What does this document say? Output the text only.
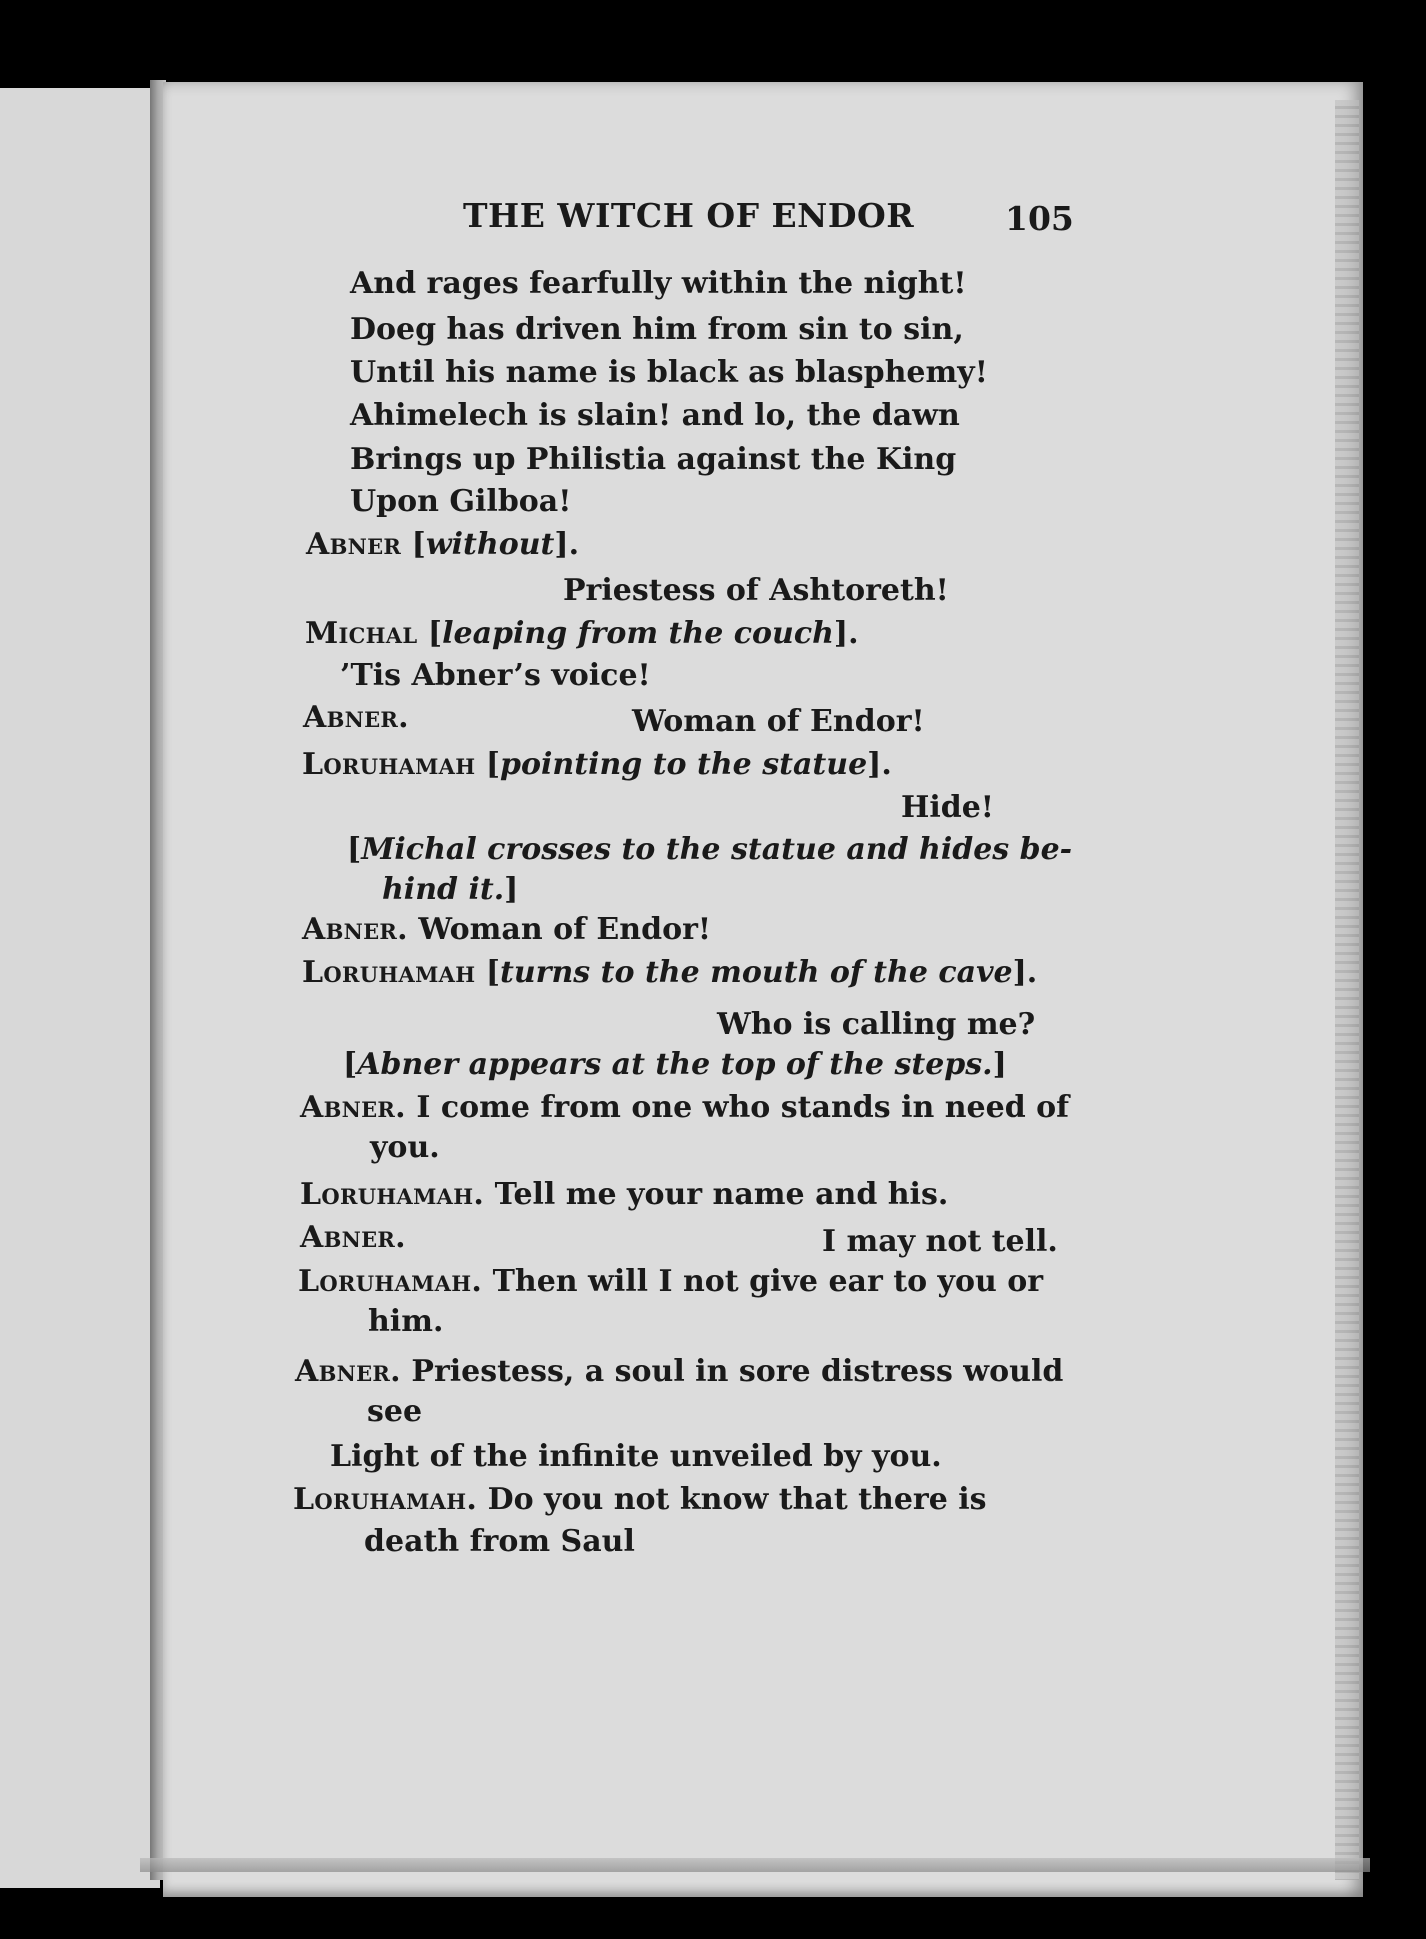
THE WITCH OF ENDOR	105
And rages fearfully within the night!
Doeg has driven him from sin to sin,
Until his name is black as blasphemy!
Ahimelech is slain! and lo, the dawn
Brings up Philistia against the King
Upon Gilboa!
Abner [without].
Priestess of Ashtoreth!
Michal [leaping from the couch].
’Tis Abner’s voice!
Abner.	Woman of Endor!
Loruhamah [pointing to the statue].
Hide!
[Michal crosses to the statue and hides be-
hind it.]
Abner. Woman of Endor!
Loruhamah [turns to the mouth of the cave].
Who is calling me?
[Abner appears at the top of the steps.]
Abner. I come from one who stands in need of
you.
Loruhamah. Tell me your name and his.
Abner.	I may not tell.
Loruhamah. Then will I not give ear to you or
him.
Abner. Priestess, a soul in sore distress would
see
Light of the infinite unveiled by you.
Loruhamah. Do you not know that there is
death from Saul
